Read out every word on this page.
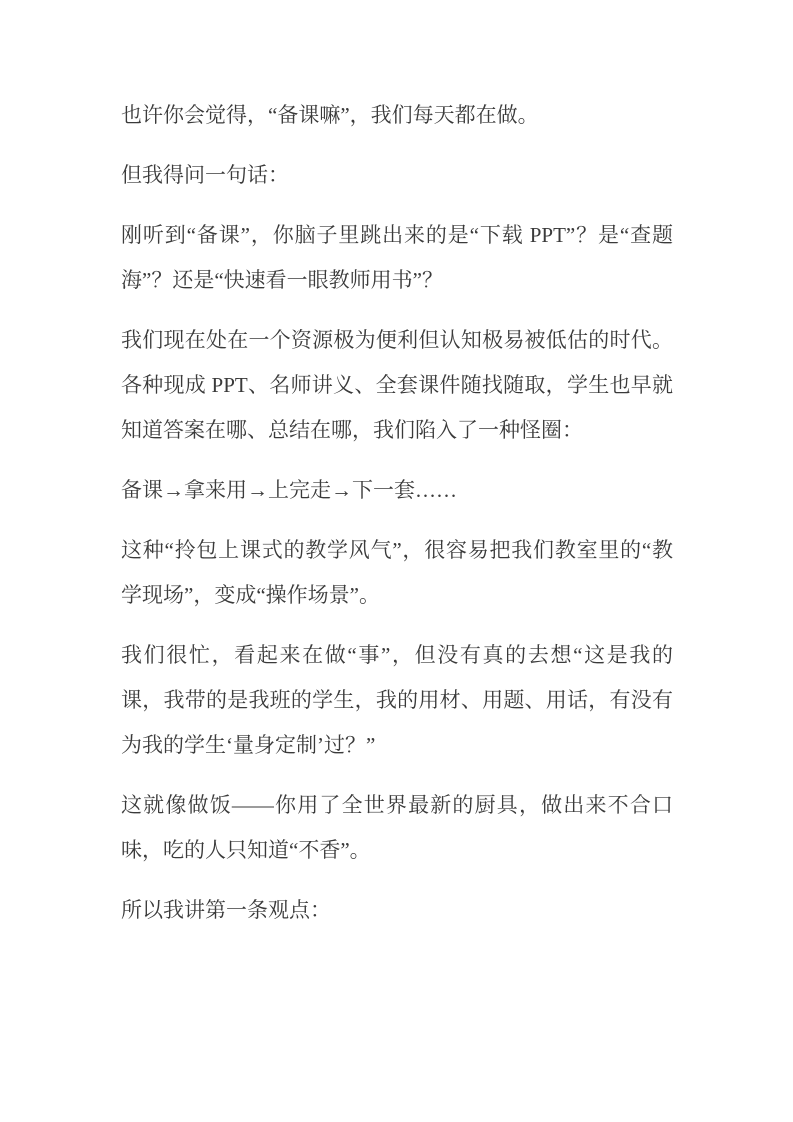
也许你会觉得，“备课嘛”，我们每天都在做。

但我得问一句话：

刚听到“备课”，你脑子里跳出来的是“下载 PPT”？是“查题海”？还是“快速看一眼教师用书”？

我们现在处在一个资源极为便利但认知极易被低估的时代。各种现成 PPT、名师讲义、全套课件随找随取，学生也早就知道答案在哪、总结在哪，我们陷入了一种怪圈：

备课→拿来用→上完走→下一套……

这种“拎包上课式的教学风气”，很容易把我们教室里的“教学现场”，变成“操作场景”。

我们很忙，看起来在做“事”，但没有真的去想“这是我的课，我带的是我班的学生，我的用材、用题、用话，有没有为我的学生‘量身定制’过？”

这就像做饭——你用了全世界最新的厨具，做出来不合口味，吃的人只知道“不香”。

所以我讲第一条观点：
